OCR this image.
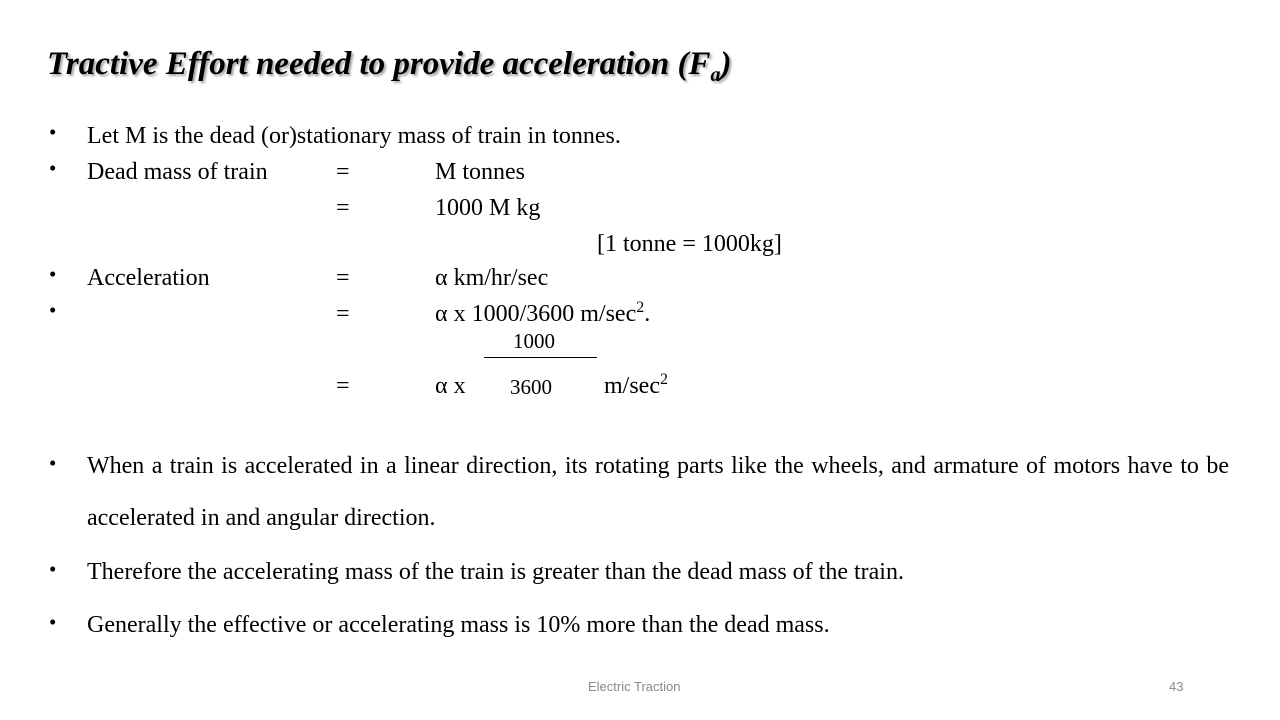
Tractive Effort needed to provide acceleration $(F_a)$
• Let M is the dead (or)stationary mass of train in tonnes.
• Dead mass of train	=	M tonnes
=	1000 M kg
[1 tonne = 1000kg]
• Acceleration	=	α km/hr/sec
•	=	α x 1000/3600 $m/\sec^2$.
1000
=	α x 3600 $m/\sec^2$
• When a train is accelerated in a linear direction, its rotating parts like the wheels, and armature of motors have to be accelerated in and angular direction.
• Therefore the accelerating mass of the train is greater than the dead mass of the train.
• Generally the effective or accelerating mass is 10% more than the dead mass.
Electric Traction	43
